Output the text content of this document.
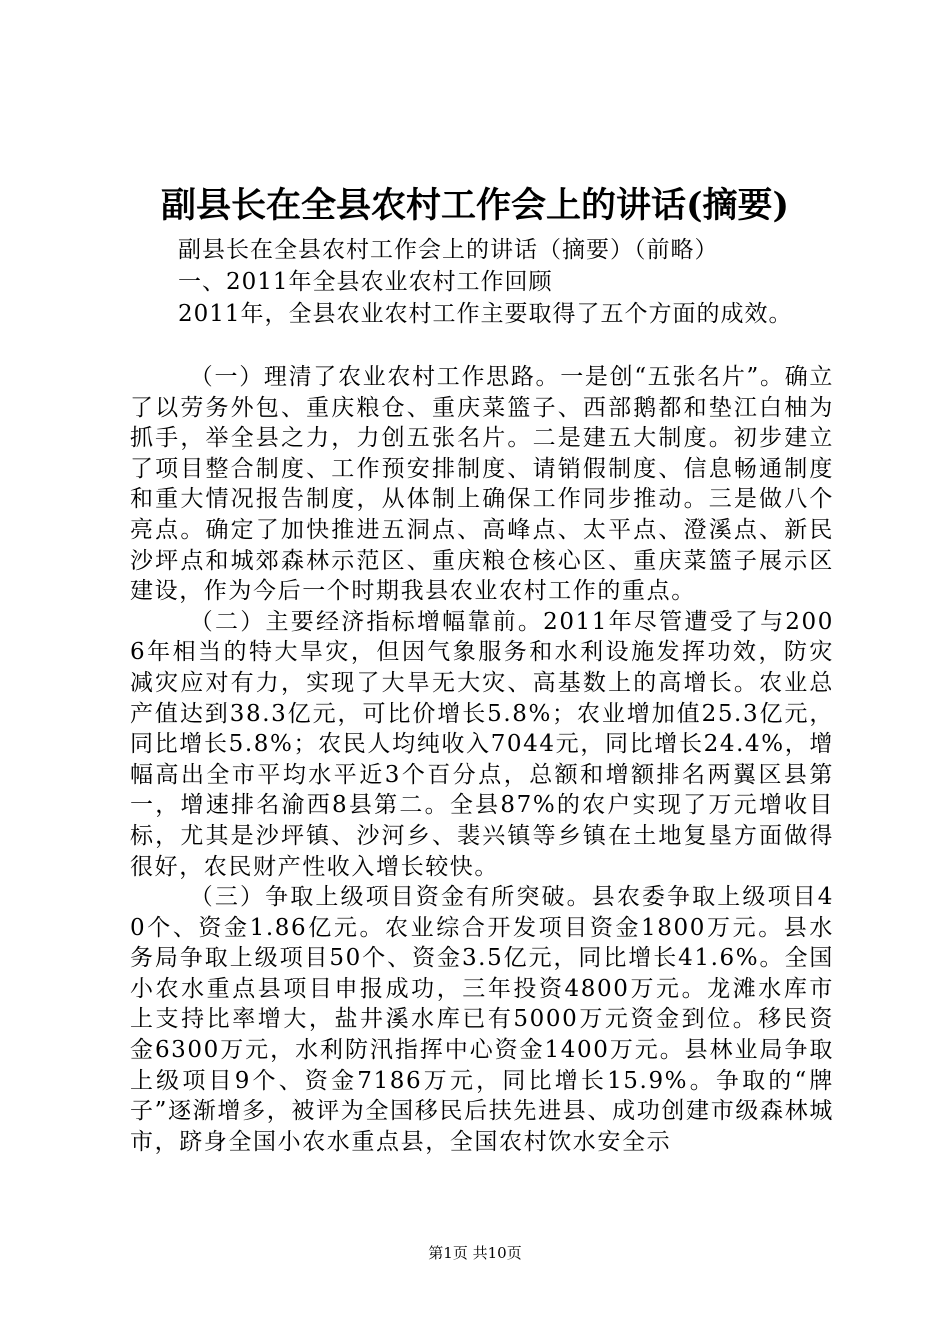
副县长在全县农村工作会上的讲话(摘要)
副县长在全县农村工作会上的讲话（摘要）（前略）
一、2011年全县农业农村工作回顾
2011年，全县农业农村工作主要取得了五个方面的成效。

（一）理清了农业农村工作思路。一是创“五张名片”。确立了以劳务外包、重庆粮仓、重庆菜篮子、西部鹅都和垫江白柚为抓手，举全县之力，力创五张名片。二是建五大制度。初步建立了项目整合制度、工作预安排制度、请销假制度、信息畅通制度和重大情况报告制度，从体制上确保工作同步推动。三是做八个亮点。确定了加快推进五洞点、高峰点、太平点、澄溪点、新民沙坪点和城郊森林示范区、重庆粮仓核心区、重庆菜篮子展示区建设，作为今后一个时期我县农业农村工作的重点。

（二）主要经济指标增幅靠前。2011年尽管遭受了与2006年相当的特大旱灾，但因气象服务和水利设施发挥功效，防灾减灾应对有力，实现了大旱无大灾、高基数上的高增长。农业总产值达到38.3亿元，可比价增长5.8%；农业增加值25.3亿元，同比增长5.8%；农民人均纯收入7044元，同比增长24.4%，增幅高出全市平均水平近3个百分点，总额和增额排名两翼区县第一，增速排名渝西8县第二。全县87%的农户实现了万元增收目标，尤其是沙坪镇、沙河乡、裴兴镇等乡镇在土地复垦方面做得很好，农民财产性收入增长较快。

（三）争取上级项目资金有所突破。县农委争取上级项目40个、资金1.86亿元。农业综合开发项目资金1800万元。县水务局争取上级项目50个、资金3.5亿元，同比增长41.6%。全国小农水重点县项目申报成功，三年投资4800万元。龙滩水库市上支持比率增大，盐井溪水库已有5000万元资金到位。移民资金6300万元，水利防汛指挥中心资金1400万元。县林业局争取上级项目9个、资金7186万元，同比增长15.9%。争取的“牌子”逐渐增多，被评为全国移民后扶先进县、成功创建市级森林城市，跻身全国小农水重点县，全国农村饮水安全示

第1页 共10页
